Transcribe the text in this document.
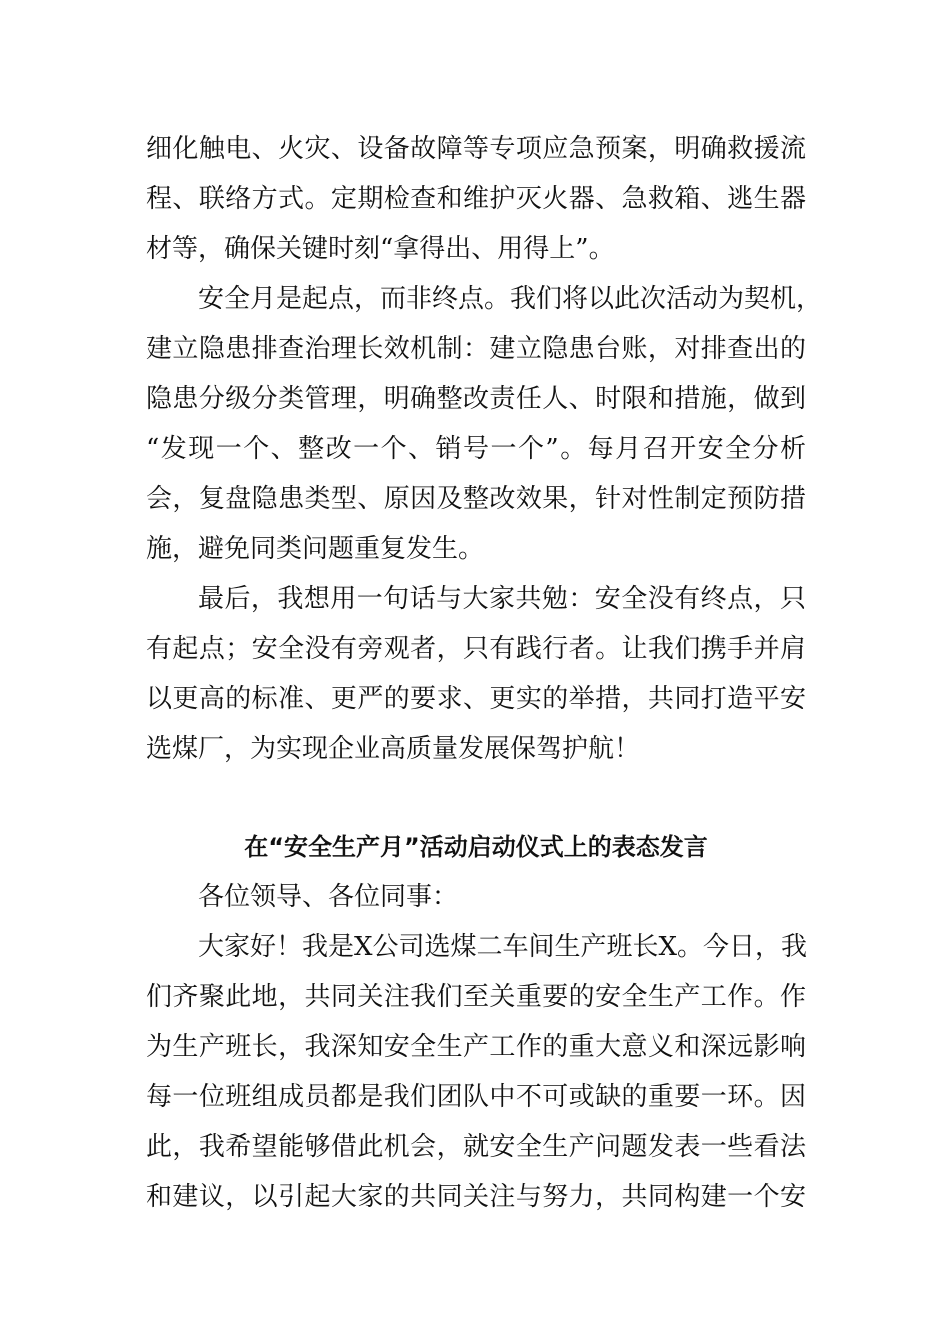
细化触电、火灾、设备故障等专项应急预案，明确救援流
程、联络方式。定期检查和维护灭火器、急救箱、逃生器
材等，确保关键时刻“拿得出、用得上”。
安全月是起点，而非终点。我们将以此次活动为契机，
建立隐患排查治理长效机制：建立隐患台账，对排查出的
隐患分级分类管理，明确整改责任人、时限和措施，做到
“发现一个、整改一个、销号一个”。每月召开安全分析
会，复盘隐患类型、原因及整改效果，针对性制定预防措
施，避免同类问题重复发生。
最后，我想用一句话与大家共勉：安全没有终点，只
有起点；安全没有旁观者，只有践行者。让我们携手并肩
以更高的标准、更严的要求、更实的举措，共同打造平安
选煤厂，为实现企业高质量发展保驾护航！
在“安全生产月”活动启动仪式上的表态发言
各位领导、各位同事：
大家好！我是X公司选煤二车间生产班长X。今日，我
们齐聚此地，共同关注我们至关重要的安全生产工作。作
为生产班长，我深知安全生产工作的重大意义和深远影响
每一位班组成员都是我们团队中不可或缺的重要一环。因
此，我希望能够借此机会，就安全生产问题发表一些看法
和建议，以引起大家的共同关注与努力，共同构建一个安
